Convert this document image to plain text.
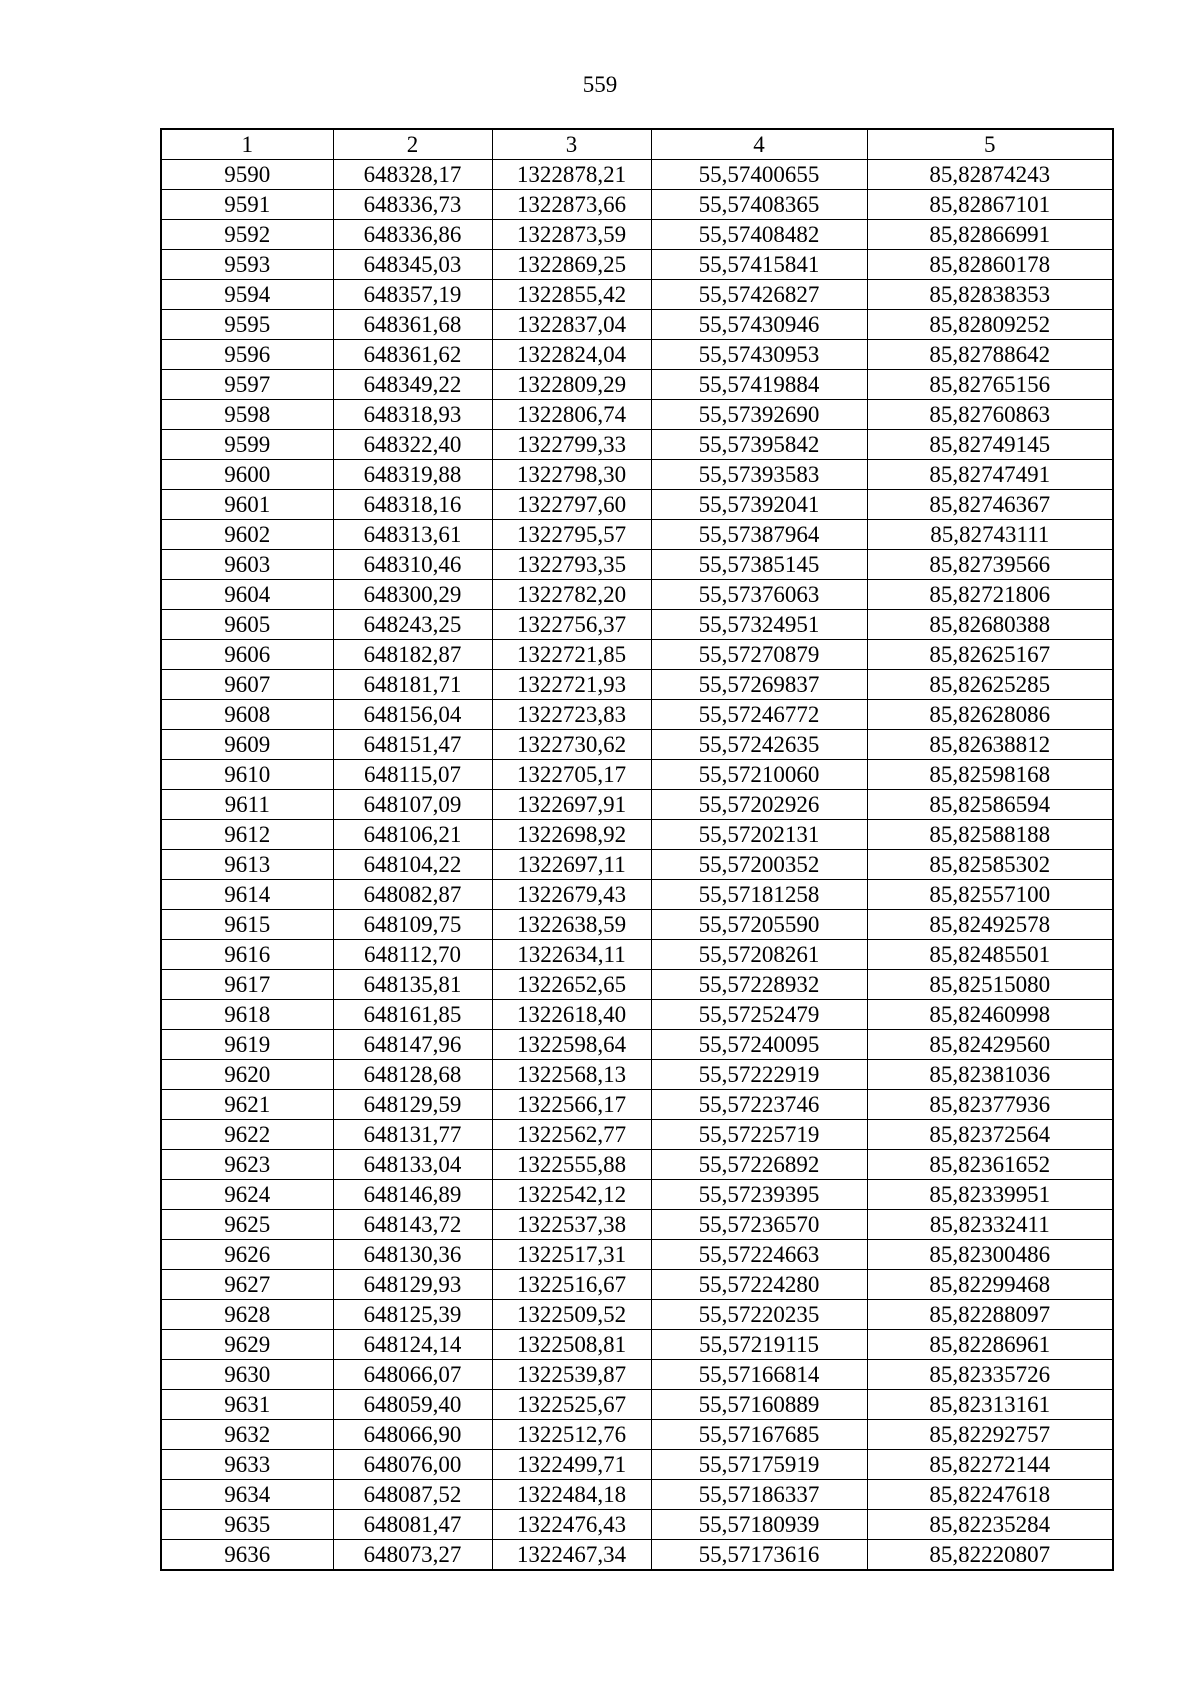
559
1	2	3	4	5
9590	648328,17	1322878,21	55,57400655	85,82874243
9591	648336,73	1322873,66	55,57408365	85,82867101
9592	648336,86	1322873,59	55,57408482	85,82866991
9593	648345,03	1322869,25	55,57415841	85,82860178
9594	648357,19	1322855,42	55,57426827	85,82838353
9595	648361,68	1322837,04	55,57430946	85,82809252
9596	648361,62	1322824,04	55,57430953	85,82788642
9597	648349,22	1322809,29	55,57419884	85,82765156
9598	648318,93	1322806,74	55,57392690	85,82760863
9599	648322,40	1322799,33	55,57395842	85,82749145
9600	648319,88	1322798,30	55,57393583	85,82747491
9601	648318,16	1322797,60	55,57392041	85,82746367
9602	648313,61	1322795,57	55,57387964	85,82743111
9603	648310,46	1322793,35	55,57385145	85,82739566
9604	648300,29	1322782,20	55,57376063	85,82721806
9605	648243,25	1322756,37	55,57324951	85,82680388
9606	648182,87	1322721,85	55,57270879	85,82625167
9607	648181,71	1322721,93	55,57269837	85,82625285
9608	648156,04	1322723,83	55,57246772	85,82628086
9609	648151,47	1322730,62	55,57242635	85,82638812
9610	648115,07	1322705,17	55,57210060	85,82598168
9611	648107,09	1322697,91	55,57202926	85,82586594
9612	648106,21	1322698,92	55,57202131	85,82588188
9613	648104,22	1322697,11	55,57200352	85,82585302
9614	648082,87	1322679,43	55,57181258	85,82557100
9615	648109,75	1322638,59	55,57205590	85,82492578
9616	648112,70	1322634,11	55,57208261	85,82485501
9617	648135,81	1322652,65	55,57228932	85,82515080
9618	648161,85	1322618,40	55,57252479	85,82460998
9619	648147,96	1322598,64	55,57240095	85,82429560
9620	648128,68	1322568,13	55,57222919	85,82381036
9621	648129,59	1322566,17	55,57223746	85,82377936
9622	648131,77	1322562,77	55,57225719	85,82372564
9623	648133,04	1322555,88	55,57226892	85,82361652
9624	648146,89	1322542,12	55,57239395	85,82339951
9625	648143,72	1322537,38	55,57236570	85,82332411
9626	648130,36	1322517,31	55,57224663	85,82300486
9627	648129,93	1322516,67	55,57224280	85,82299468
9628	648125,39	1322509,52	55,57220235	85,82288097
9629	648124,14	1322508,81	55,57219115	85,82286961
9630	648066,07	1322539,87	55,57166814	85,82335726
9631	648059,40	1322525,67	55,57160889	85,82313161
9632	648066,90	1322512,76	55,57167685	85,82292757
9633	648076,00	1322499,71	55,57175919	85,82272144
9634	648087,52	1322484,18	55,57186337	85,82247618
9635	648081,47	1322476,43	55,57180939	85,82235284
9636	648073,27	1322467,34	55,57173616	85,82220807
